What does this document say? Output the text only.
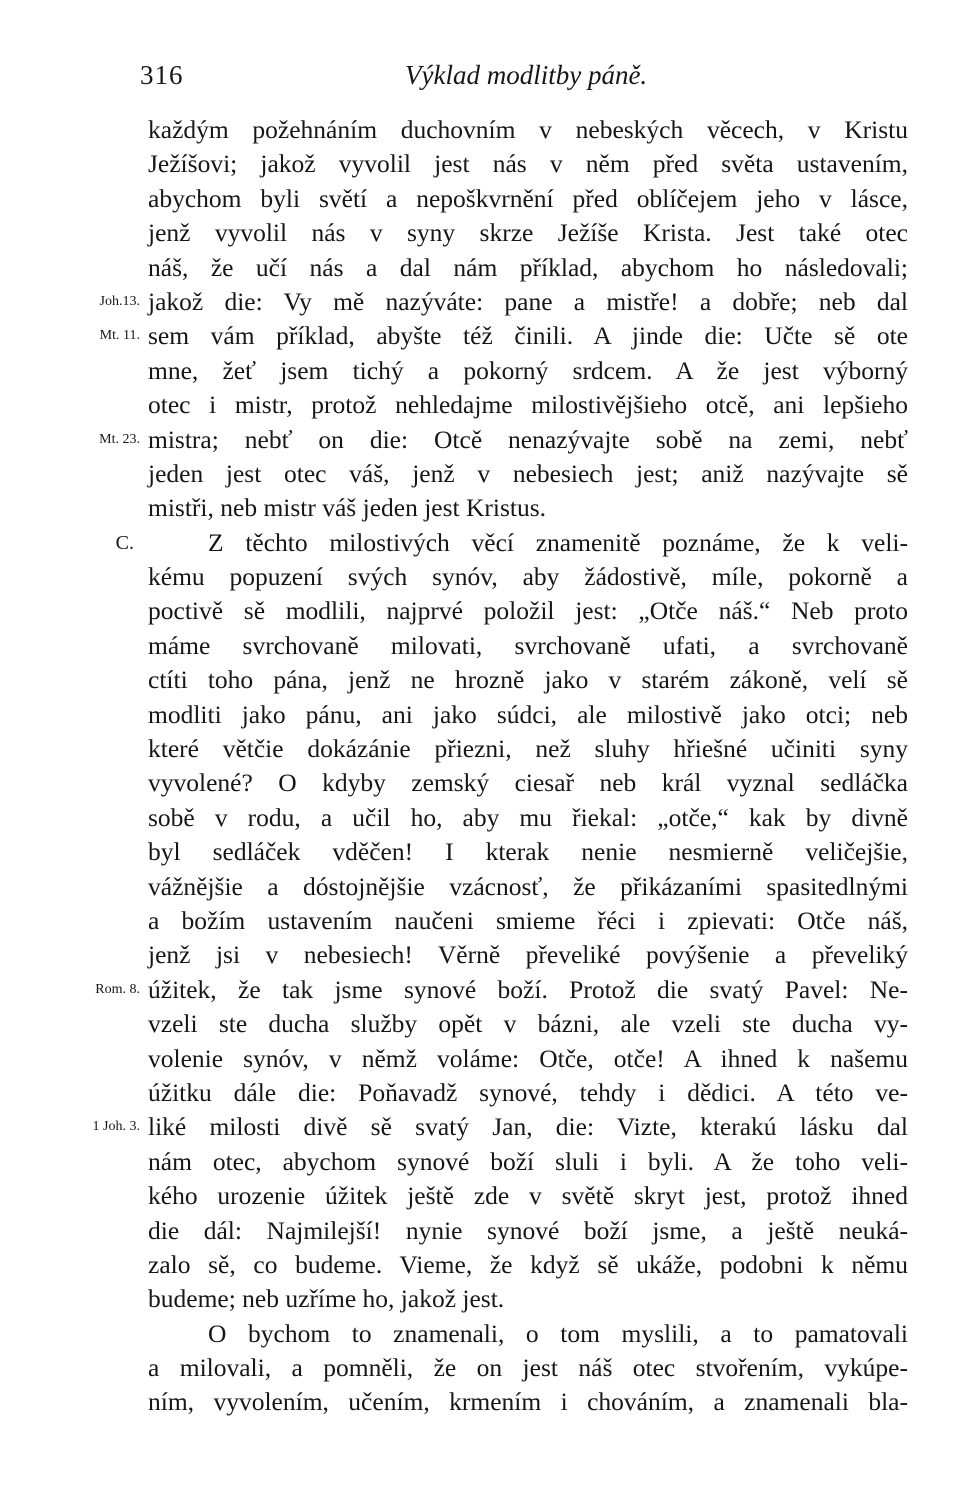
316	Výklad modlitby páně.
každým požehnáním duchovním v nebeských věcech, v Kristu
Ježíšovi; jakož vyvolil jest nás v něm před světa ustavením,
abychom byli světí a nepoškvrnění před oblíčejem jeho v lásce,
jenž vyvolil nás v syny skrze Ježíše Krista. Jest také otec
náš, že učí nás a dal nám příklad, abychom ho následovali;
jakož die: Vy mě nazýváte: pane a mistře! a dobře; neb dal
Joh.13.
sem vám příklad, abyšte též činili. A jinde die: Učte sě ote
Mt. 11.
mne, žeť jsem tichý a pokorný srdcem. A že jest výborný
otec i mistr, protož nehledajme milostivějšieho otcě, ani lepšieho
mistra; nebť on die: Otcě nenazývajte sobě na zemi, nebť
Mt. 23.
jeden jest otec váš, jenž v nebesiech jest; aniž nazývajte sě
mistři, neb mistr váš jeden jest Kristus.
Z těchto milostivých věcí znamenitě poznáme, že k veli-
C.
kému popuzení svých synóv, aby žádostivě, míle, pokorně a
poctivě sě modlili, najprvé položil jest: „Otče náš.“ Neb proto
máme svrchovaně milovati, svrchovaně ufati, a svrchovaně
ctíti toho pána, jenž ne hrozně jako v starém zákoně, velí sě
modliti jako pánu, ani jako súdci, ale milostivě jako otci; neb
které větčie dokázánie přiezni, než sluhy hřiešné učiniti syny
vyvolené? O kdyby zemský ciesař neb král vyznal sedláčka
sobě v rodu, a učil ho, aby mu řiekal: „otče,“ kak by divně
byl sedláček vděčen! I kterak nenie nesmierně veličejšie,
vážnějšie a dóstojnějšie vzácnosť, že přikázaními spasitedlnými
a božím ustavením naučeni smieme řéci i zpievati: Otče náš,
jenž jsi v nebesiech! Věrně převeliké povýšenie a převeliký
úžitek, že tak jsme synové boží. Protož die svatý Pavel: Ne-
Rom. 8.
vzeli ste ducha služby opět v bázni, ale vzeli ste ducha vy-
volenie synóv, v němž voláme: Otče, otče! A ihned k našemu
úžitku dále die: Poňavadž synové, tehdy i dědici. A této ve-
liké milosti divě sě svatý Jan, die: Vizte, kterakú lásku dal
1 Joh. 3.
nám otec, abychom synové boží sluli i byli. A že toho veli-
kého urozenie úžitek ještě zde v světě skryt jest, protož ihned
die dál: Najmilejší! nynie synové boží jsme, a ještě neuká-
zalo sě, co budeme. Vieme, že když sě ukáže, podobni k němu
budeme; neb uzříme ho, jakož jest.
O bychom to znamenali, o tom myslili, a to pamatovali
a milovali, a pomněli, že on jest náš otec stvořením, vykúpe-
ním, vyvolením, učením, krmením i chováním, a znamenali bla-
